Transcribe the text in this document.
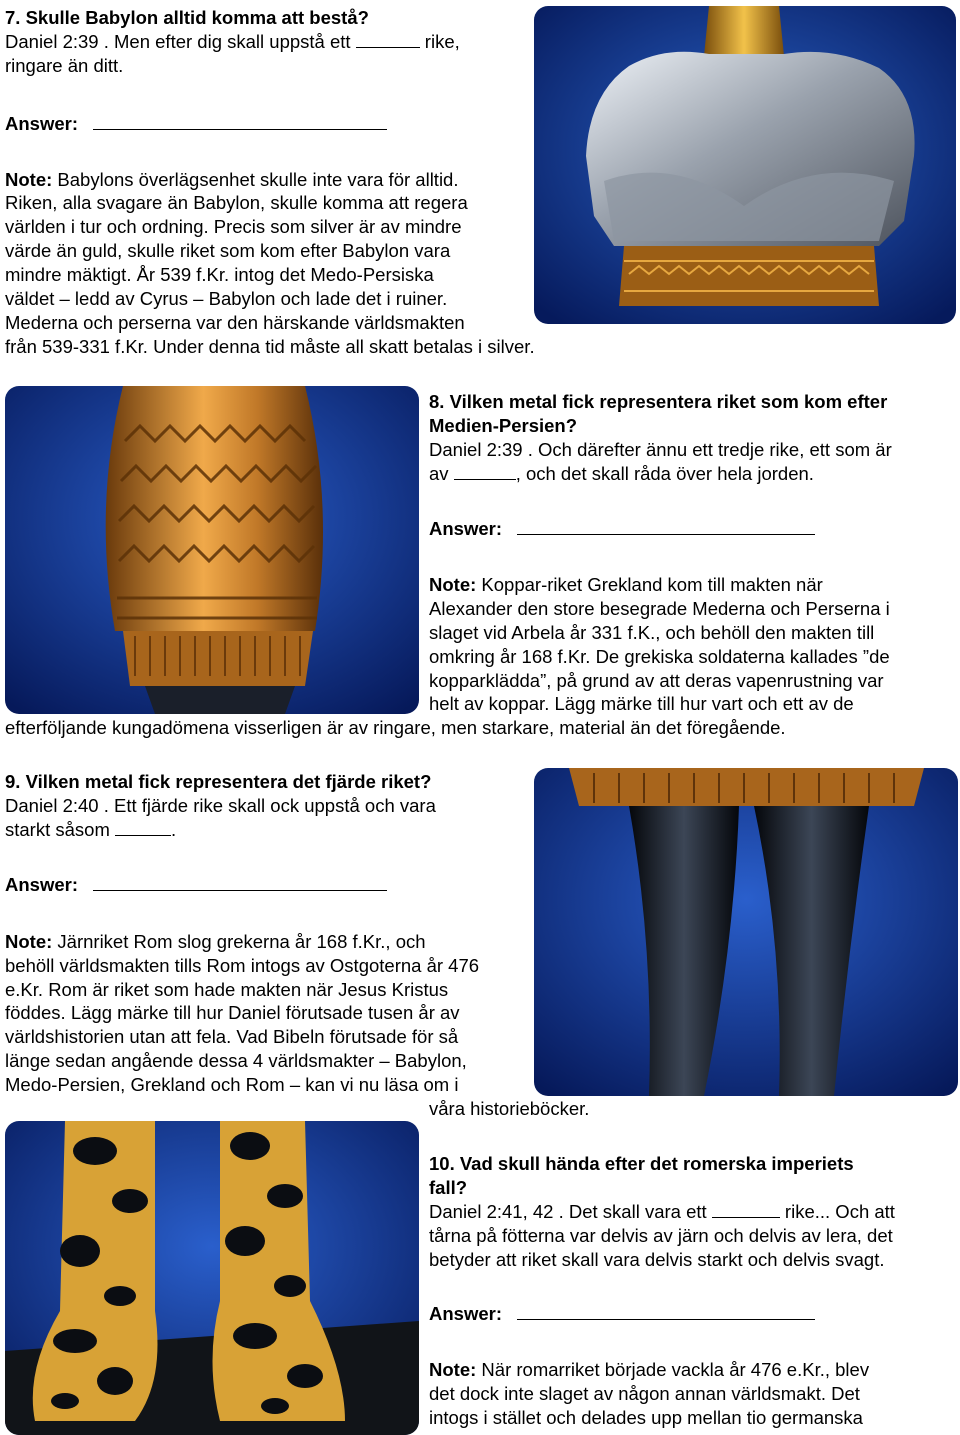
7. Skulle Babylon alltid komma att bestå?
Daniel 2:39 . Men efter dig skall uppstå ett	rike,
ringare än ditt.
Answer:
Note: Babylons överlägsenhet skulle inte vara för alltid.
Riken, alla svagare än Babylon, skulle komma att regera
världen i tur och ordning. Precis som silver är av mindre
värde än guld, skulle riket som kom efter Babylon vara
mindre mäktigt. År 539 f.Kr. intog det Medo-Persiska
väldet – ledd av Cyrus – Babylon och lade det i ruiner.
Mederna och perserna var den härskande världsmakten
från 539-331 f.Kr. Under denna tid måste all skatt betalas i silver.
8. Vilken metal fick representera riket som kom efter
Medien-Persien?
Daniel 2:39 . Och därefter ännu ett tredje rike, ett som är
av	, och det skall råda över hela jorden.
Answer:
Note: Koppar-riket Grekland kom till makten när
Alexander den store besegrade Mederna och Perserna i
slaget vid Arbela år 331 f.K., och behöll den makten till
omkring år 168 f.Kr. De grekiska soldaterna kallades ”de
kopparklädda”, på grund av att deras vapenrustning var
helt av koppar. Lägg märke till hur vart och ett av de
efterföljande kungadömena visserligen är av ringare, men starkare, material än det föregående.
9. Vilken metal fick representera det fjärde riket?
Daniel 2:40 . Ett fjärde rike skall ock uppstå och vara
starkt såsom	.
Answer:
Note: Järnriket Rom slog grekerna år 168 f.Kr., och
behöll världsmakten tills Rom intogs av Ostgoterna år 476
e.Kr. Rom är riket som hade makten när Jesus Kristus
föddes. Lägg märke till hur Daniel förutsade tusen år av
världshistorien utan att fela. Vad Bibeln förutsade för så
länge sedan angående dessa 4 världsmakter – Babylon,
Medo-Persien, Grekland och Rom – kan vi nu läsa om i
våra historieböcker.
10. Vad skull hända efter det romerska imperiets
fall?
Daniel 2:41, 42 . Det skall vara ett	rike... Och att
tårna på fötterna var delvis av järn och delvis av lera, det
betyder att riket skall vara delvis starkt och delvis svagt.
Answer:
Note: När romarriket började vackla år 476 e.Kr., blev
det dock inte slaget av någon annan världsmakt. Det
intogs i stället och delades upp mellan tio germanska
